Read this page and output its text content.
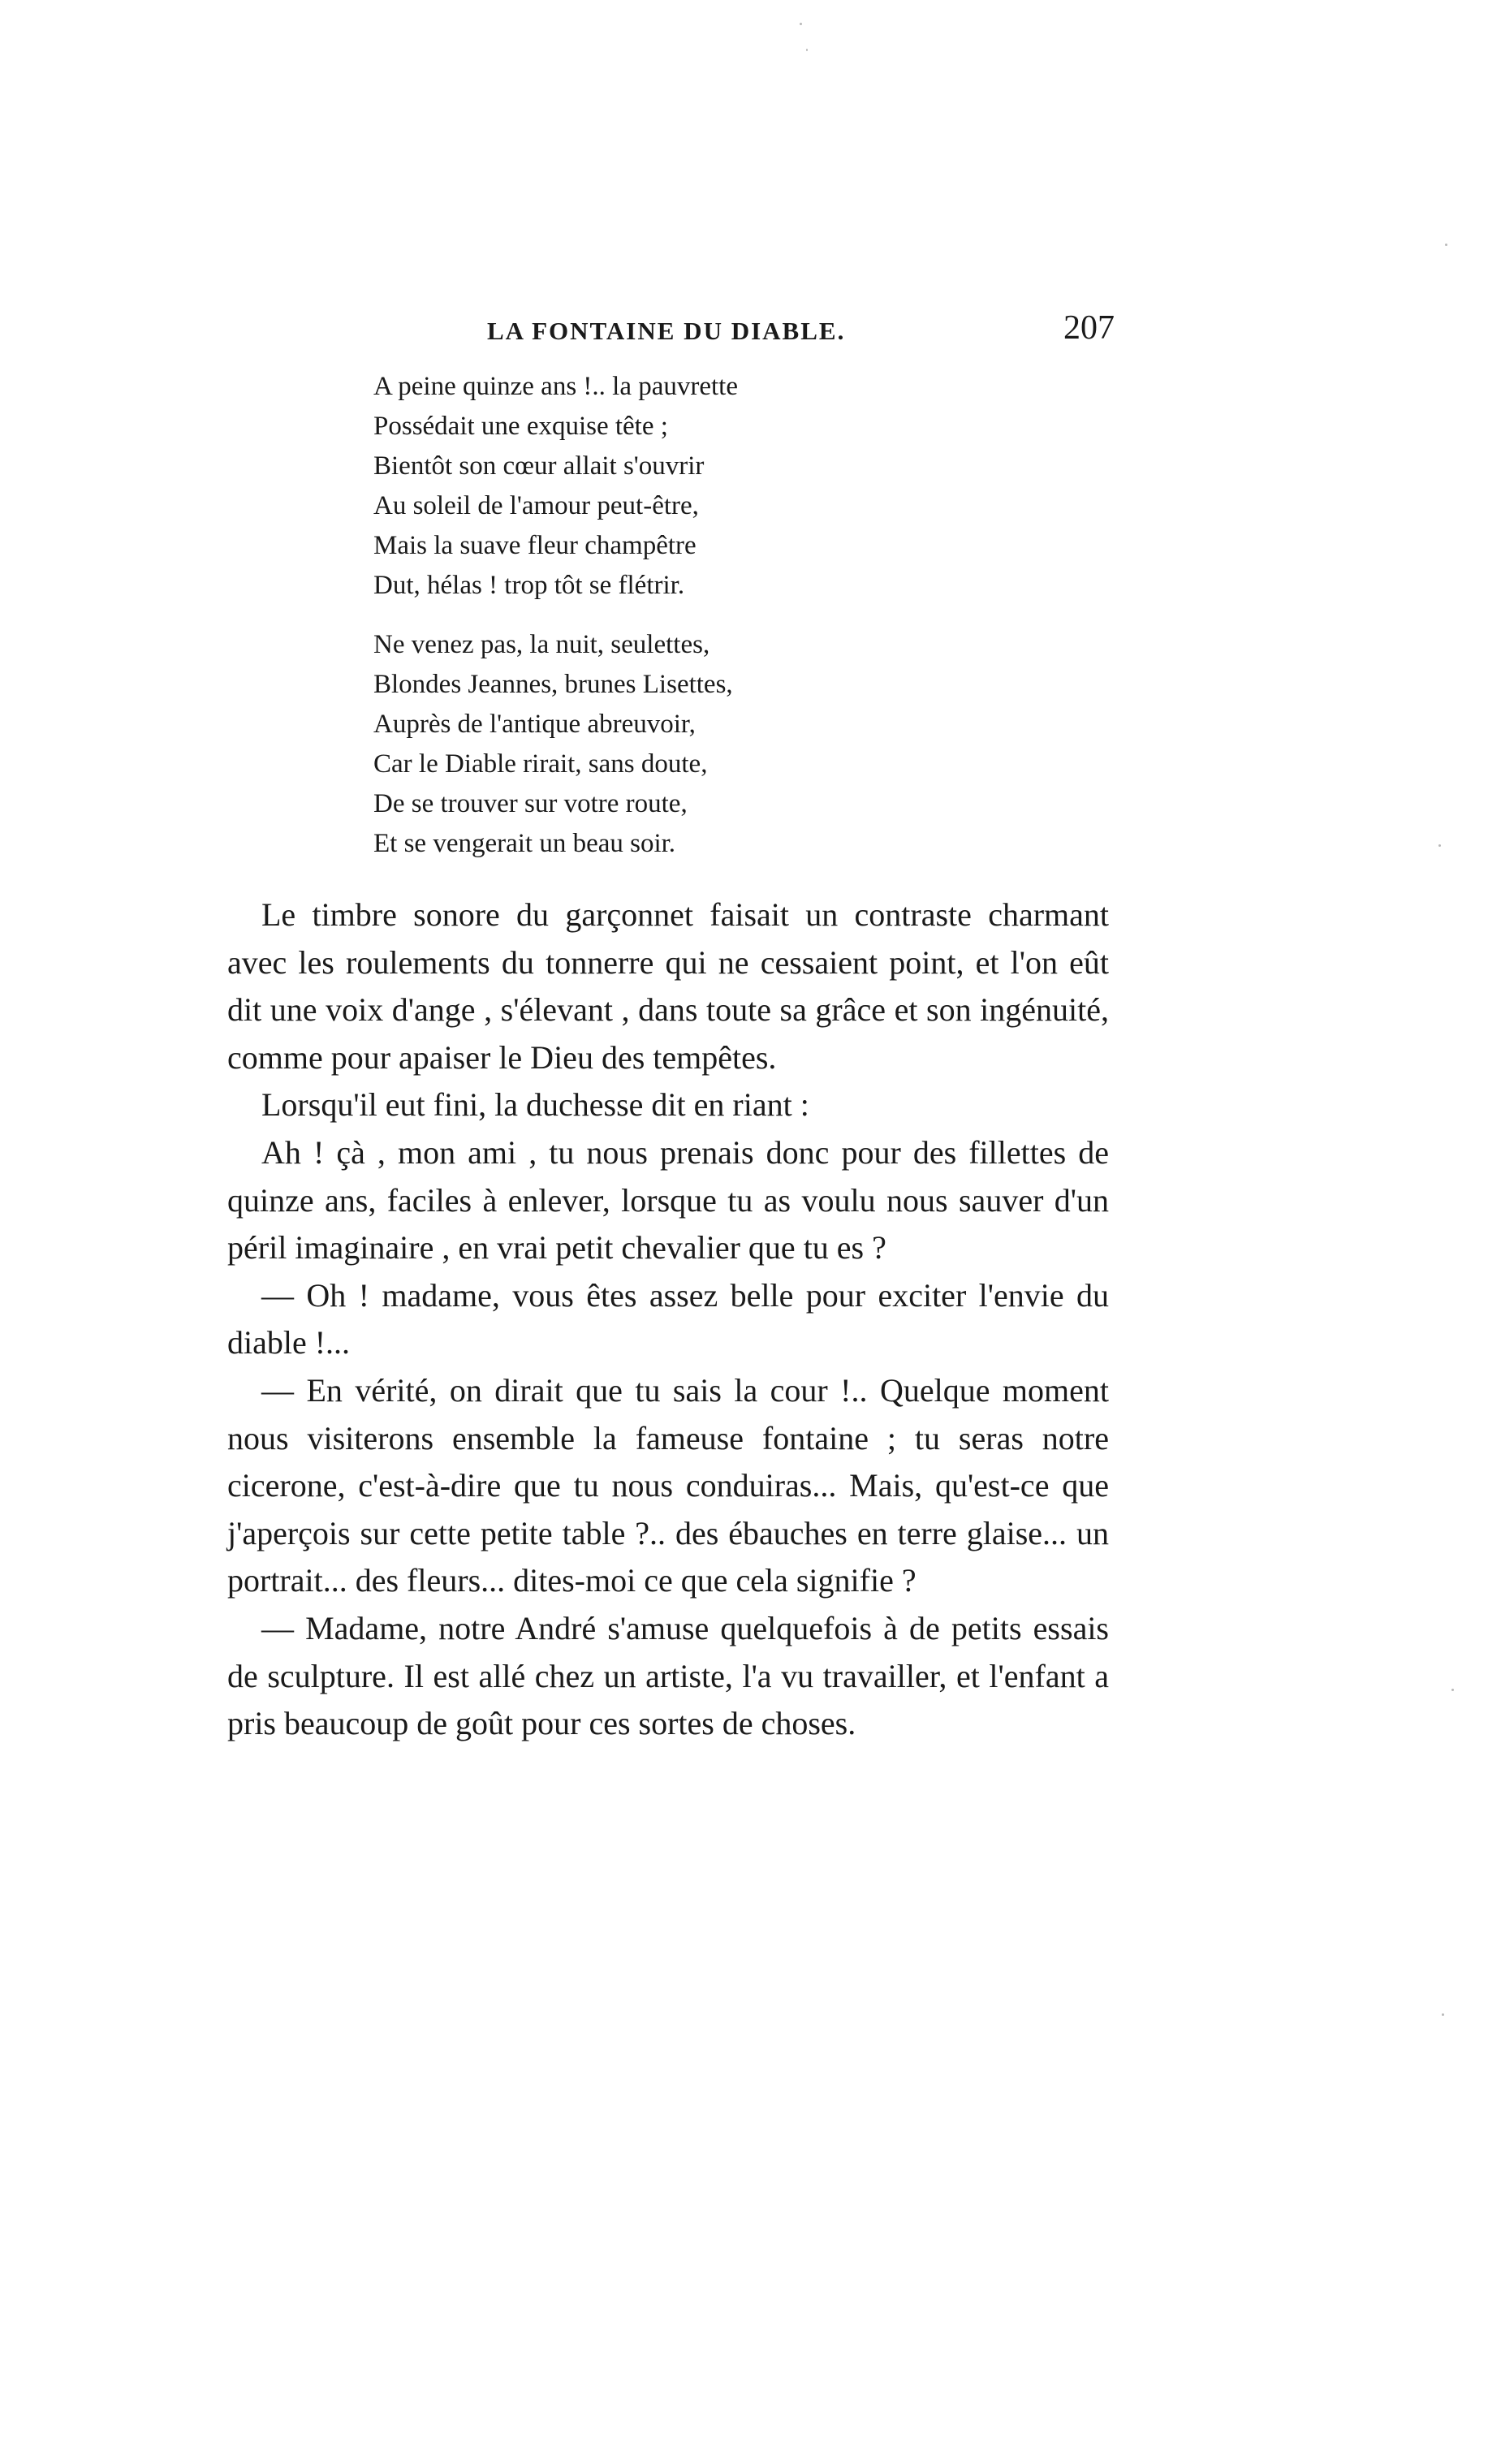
LA FONTAINE DU DIABLE.	207
A peine quinze ans !.. la pauvrette
Possédait une exquise tête ;
Bientôt son cœur allait s'ouvrir
Au soleil de l'amour peut-être,
Mais la suave fleur champêtre
Dut, hélas ! trop tôt se flétrir.
Ne venez pas, la nuit, seulettes,
Blondes Jeannes, brunes Lisettes,
Auprès de l'antique abreuvoir,
Car le Diable rirait, sans doute,
De se trouver sur votre route,
Et se vengerait un beau soir.

Le timbre sonore du garçonnet faisait un contraste charmant avec les roulements du tonnerre qui ne cessaient point, et l'on eût dit une voix d'ange , s'élevant , dans toute sa grâce et son ingénuité, comme pour apaiser le Dieu des tempêtes.

Lorsqu'il eut fini, la duchesse dit en riant :

Ah ! çà , mon ami , tu nous prenais donc pour des fillettes de quinze ans, faciles à enlever, lorsque tu as voulu nous sauver d'un péril imaginaire , en vrai petit chevalier que tu es ?

— Oh ! madame, vous êtes assez belle pour exciter l'envie du diable !...

— En vérité, on dirait que tu sais la cour !.. Quelque moment nous visiterons ensemble la fameuse fontaine ; tu seras notre cicerone, c'est-à-dire que tu nous conduiras... Mais, qu'est-ce que j'aperçois sur cette petite table ?.. des ébauches en terre glaise... un portrait... des fleurs... dites-moi ce que cela signifie ?

— Madame, notre André s'amuse quelquefois à de petits essais de sculpture. Il est allé chez un artiste, l'a vu travailler, et l'enfant a pris beaucoup de goût pour ces sortes de choses.
